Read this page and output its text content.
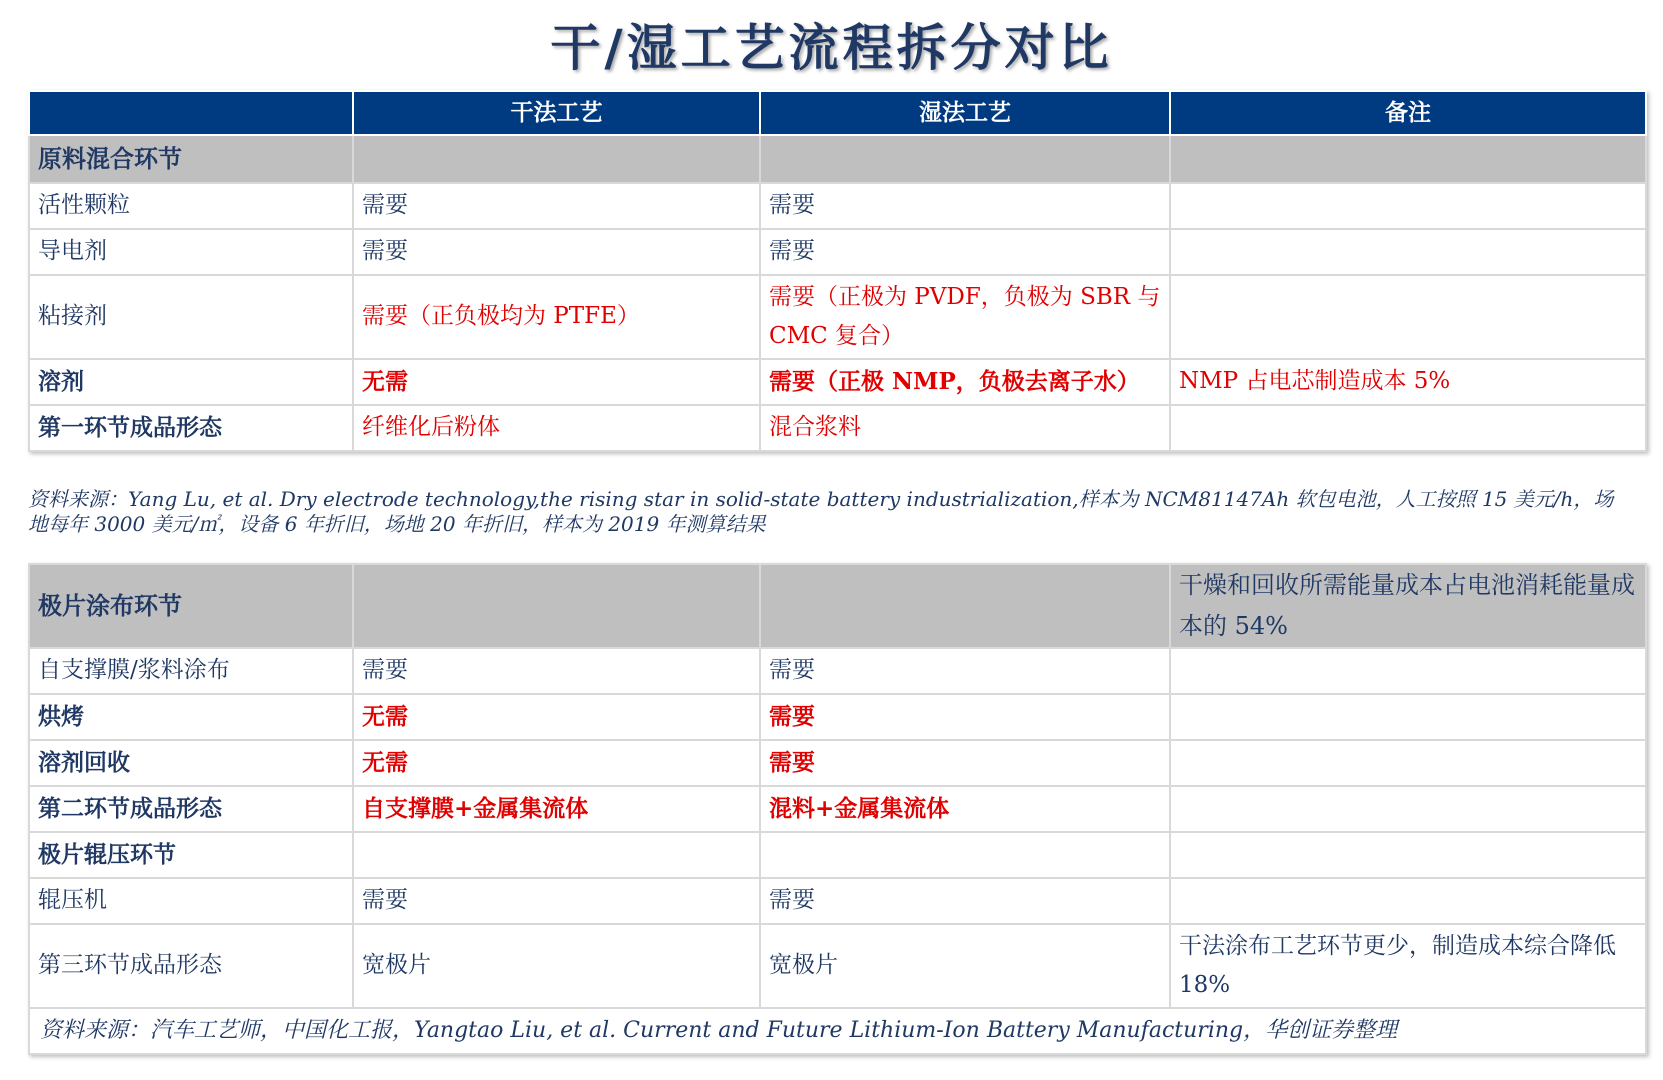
干/湿工艺流程拆分对比
	干法工艺	湿法工艺	备注
原料混合环节			
活性颗粒	需要	需要	
导电剂	需要	需要	
粘接剂	需要（正负极均为 PTFE）	需要（正极为 PVDF，负极为 SBR 与 CMC 复合）	
溶剂	无需	需要（正极 NMP，负极去离子水）	NMP 占电芯制造成本 5%
第一环节成品形态	纤维化后粉体	混合浆料	
资料来源：Yang Lu, et al. Dry electrode technology,the rising star in solid-state battery industrialization,样本为 NCM81147Ah 软包电池，人工按照 15 美元/h，场地每年 3000 美元/㎡，设备 6 年折旧，场地 20 年折旧，样本为 2019 年测算结果
极片涂布环节			干燥和回收所需能量成本占电池消耗能量成本的 54%
自支撑膜/浆料涂布	需要	需要	
烘烤	无需	需要	
溶剂回收	无需	需要	
第二环节成品形态	自支撑膜+金属集流体	混料+金属集流体	
极片辊压环节			
辊压机	需要	需要	
第三环节成品形态	宽极片	宽极片	干法涂布工艺环节更少，制造成本综合降低 18%
资料来源：汽车工艺师，中国化工报，Yangtao Liu, et al. Current and Future Lithium-Ion Battery Manufacturing，华创证券整理			
